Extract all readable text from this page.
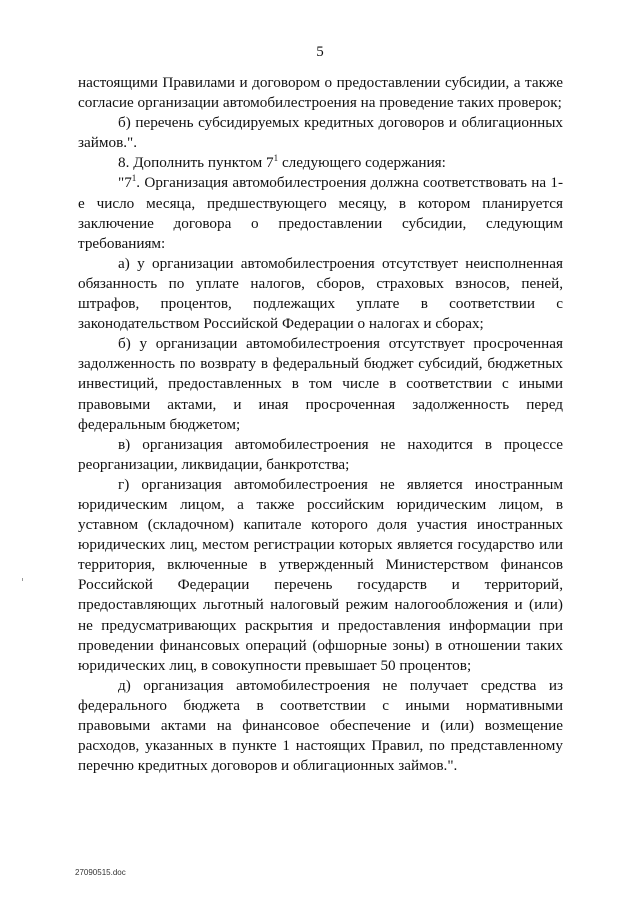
5

настоящими Правилами и договором о предоставлении субсидии, а также согласие организации автомобилестроения на проведение таких проверок;

б) перечень субсидируемых кредитных договоров и облигационных займов.".

8. Дополнить пунктом $7^1$ следующего содержания:

"$7^1$. Организация автомобилестроения должна соответствовать на 1-е число месяца, предшествующего месяцу, в котором планируется заключение договора о предоставлении субсидии, следующим требованиям:

а) у организации автомобилестроения отсутствует неисполненная обязанность по уплате налогов, сборов, страховых взносов, пеней, штрафов, процентов, подлежащих уплате в соответствии с законодательством Российской Федерации о налогах и сборах;

б) у организации автомобилестроения отсутствует просроченная задолженность по возврату в федеральный бюджет субсидий, бюджетных инвестиций, предоставленных в том числе в соответствии с иными правовыми актами, и иная просроченная задолженность перед федеральным бюджетом;

в) организация автомобилестроения не находится в процессе реорганизации, ликвидации, банкротства;

г) организация автомобилестроения не является иностранным юридическим лицом, а также российским юридическим лицом, в уставном (складочном) капитале которого доля участия иностранных юридических лиц, местом регистрации которых является государство или территория, включенные в утвержденный Министерством финансов Российской Федерации перечень государств и территорий, предоставляющих льготный налоговый режим налогообложения и (или) не предусматривающих раскрытия и предоставления информации при проведении финансовых операций (офшорные зоны) в отношении таких юридических лиц, в совокупности превышает 50 процентов;

д) организация автомобилестроения не получает средства из федерального бюджета в соответствии с иными нормативными правовыми актами на финансовое обеспечение и (или) возмещение расходов, указанных в пункте 1 настоящих Правил, по представленному перечню кредитных договоров и облигационных займов.".

27090515.doc
